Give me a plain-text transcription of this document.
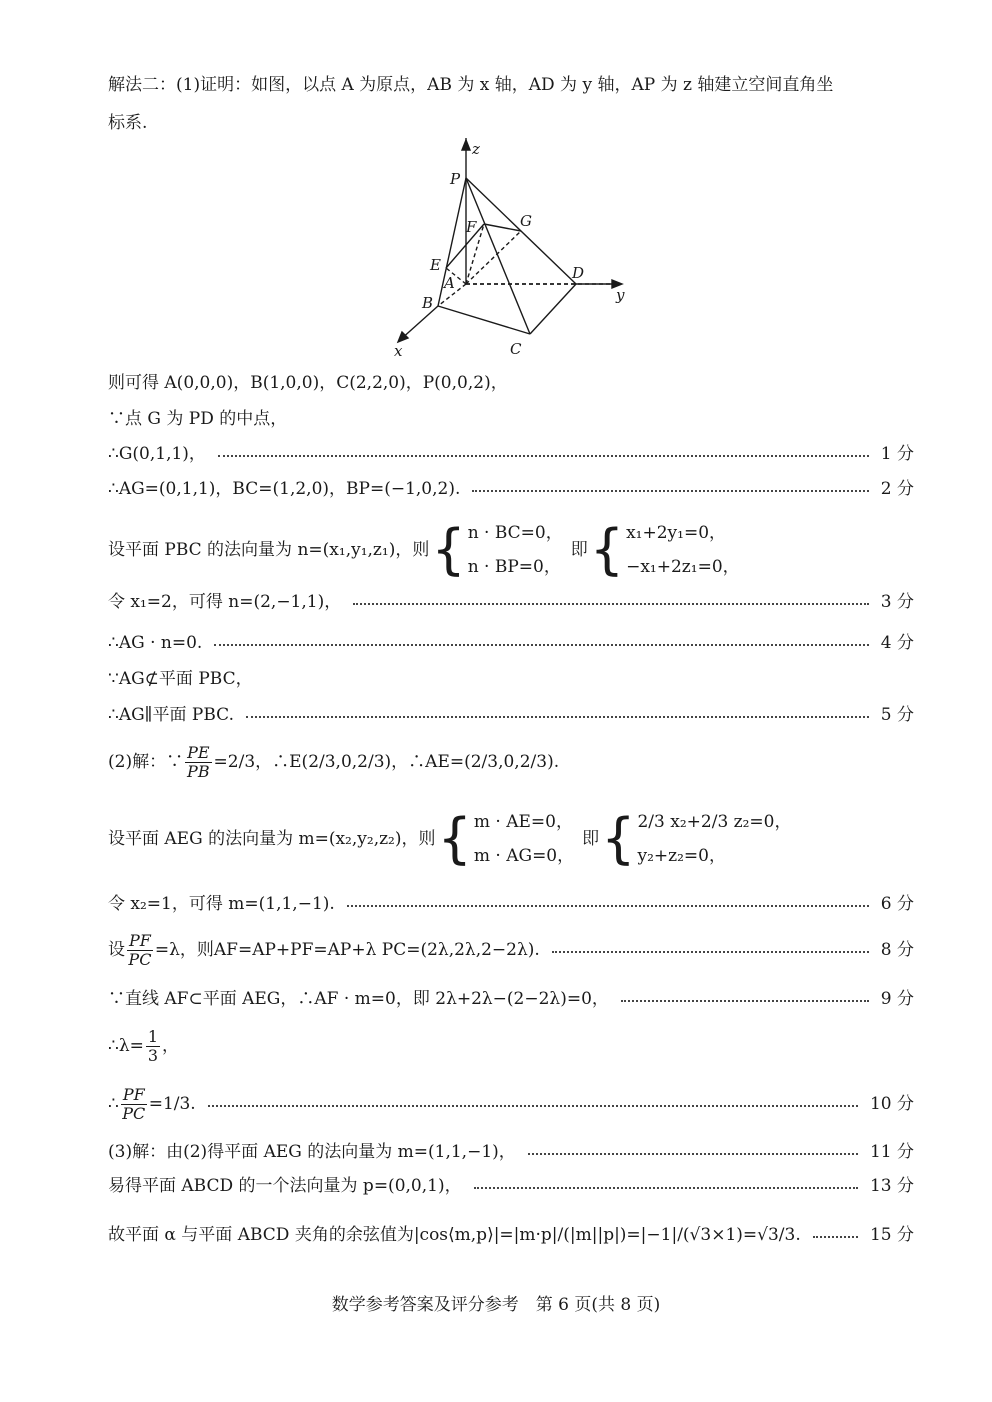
解法二：(1)证明：如图，以点 A 为原点，AB 为 x 轴，AD 为 y 轴，AP 为 z 轴建立空间直角坐
标系.
z
y
x
P
G
F
E
A
B
D
C
则可得 A(0,0,0)，B(1,0,0)，C(2,2,0)，P(0,0,2)，
∵点 G 为 PD 的中点，
∴G(0,1,1)，	1 分
∴AG=(0,1,1)，BC=(1,2,0)，BP=(−1,0,2).	2 分
设平面 PBC 的法向量为 n=(x₁,y₁,z₁)，则 { n · BC=0，
n · BP=0，
即 { x₁+2y₁=0，
−x₁+2z₁=0，
令 x₁=2，可得 n=(2,−1,1)，	3 分
∴AG · n=0.	4 分
∵AG⊄平面 PBC，
∴AG∥平面 PBC.	5 分
(2)解：∵ $\frac{PE}{PB} =2/3$，∴E(2/3,0,2/3)，∴AE=(2/3,0,2/3).
设平面 AEG 的法向量为 m=(x₂,y₂,z₂)，则 { m · AE=0，
m · AG=0，
即 { 2/3 x₂+2/3 z₂=0，
y₂+z₂=0，
令 x₂=1，可得 m=(1,1,−1).	6 分
设 $\frac{PF}{PC} =\lambda$，则AF=AP+PF=AP+λ PC=(2λ,2λ,2−2λ).	8 分
∵直线 AF⊂平面 AEG，∴AF · m=0，即 2λ+2λ−(2−2λ)=0，	9 分
∴λ= $\frac{1}{3}$ ，
∴ $\frac{PF}{PC} =1/3$.	10 分
(3)解：由(2)得平面 AEG 的法向量为 m=(1,1,−1)，	11 分
易得平面 ABCD 的一个法向量为 p=(0,0,1)，	13 分
故平面 α 与平面 ABCD 夹角的余弦值为|cos⟨m,p⟩|=|m·p|/(|m||p|)=|−1|/(√3×1)=√3/3.	15 分
数学参考答案及评分参考　第 6 页(共 8 页)
